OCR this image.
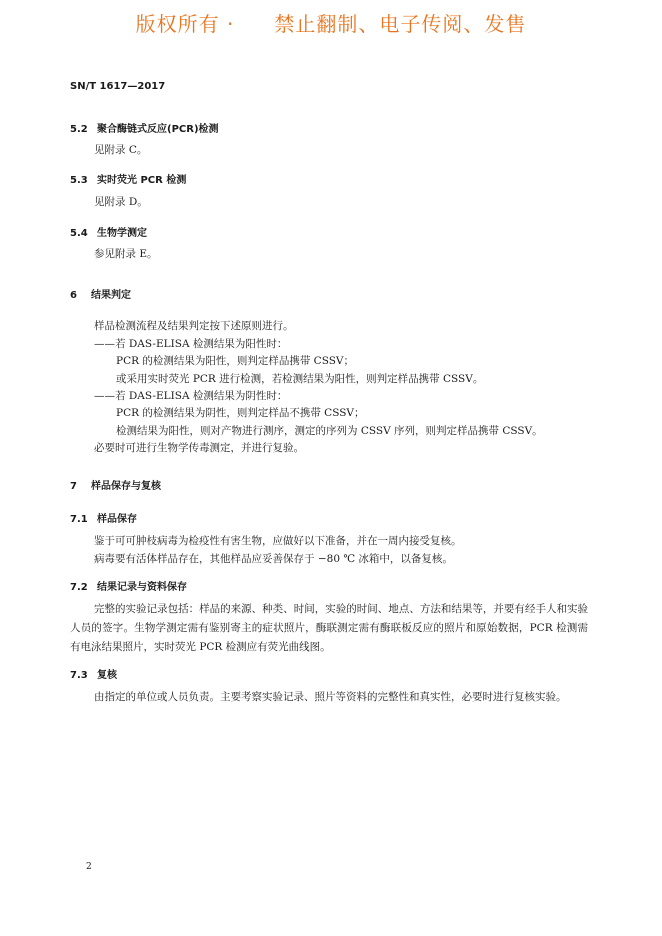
版权所有 · 禁止翻制、电子传阅、发售
SN/T 1617—2017
5.2 聚合酶链式反应(PCR)检测
见附录 C。
5.3 实时荧光 PCR 检测
见附录 D。
5.4 生物学测定
参见附录 E。
6 结果判定
样品检测流程及结果判定按下述原则进行。
——若 DAS-ELISA 检测结果为阳性时：
PCR 的检测结果为阳性，则判定样品携带 CSSV；
或采用实时荧光 PCR 进行检测，若检测结果为阳性，则判定样品携带 CSSV。
——若 DAS-ELISA 检测结果为阴性时：
PCR 的检测结果为阴性，则判定样品不携带 CSSV；
检测结果为阳性，则对产物进行测序，测定的序列为 CSSV 序列，则判定样品携带 CSSV。
必要时可进行生物学传毒测定，并进行复验。
7 样品保存与复核
7.1 样品保存
鉴于可可肿枝病毒为检疫性有害生物，应做好以下准备，并在一周内接受复核。
病毒要有活体样品存在，其他样品应妥善保存于 −80 ℃ 冰箱中，以备复核。
7.2 结果记录与资料保存
完整的实验记录包括：样品的来源、种类、时间，实验的时间、地点、方法和结果等，并要有经手人和实验人员的签字。生物学测定需有鉴别寄主的症状照片，酶联测定需有酶联板反应的照片和原始数据，PCR 检测需有电泳结果照片，实时荧光 PCR 检测应有荧光曲线图。
7.3 复核
由指定的单位或人员负责。主要考察实验记录、照片等资料的完整性和真实性，必要时进行复核实验。
2
